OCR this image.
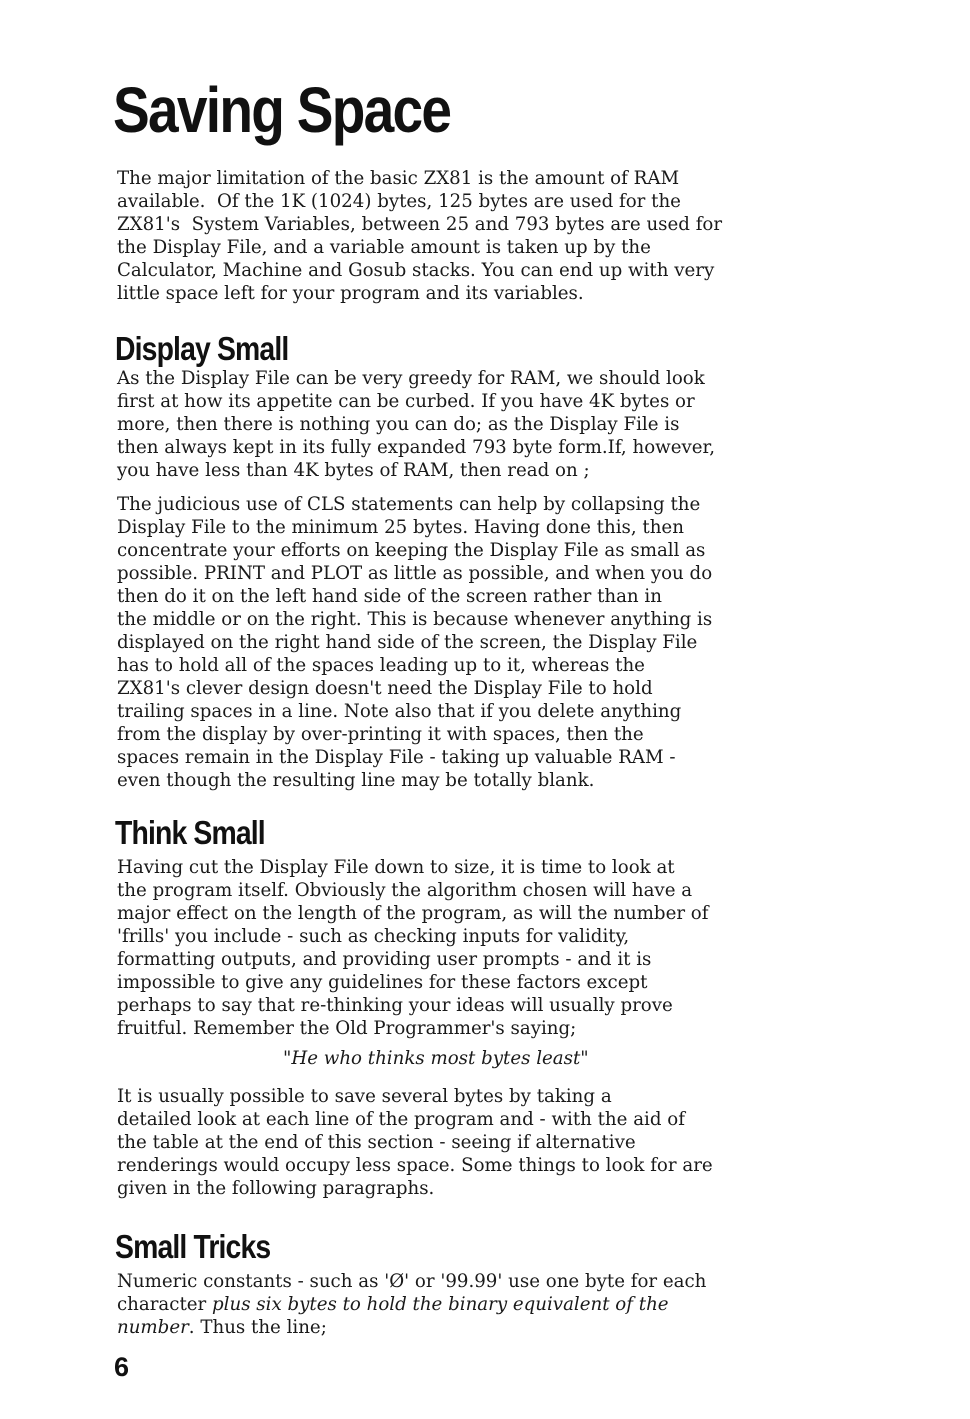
Saving Space

The major limitation of the basic ZX81 is the amount of RAM
available.  Of the 1K (1024) bytes, 125 bytes are used for the
ZX81's  System Variables, between 25 and 793 bytes are used for
the Display File, and a variable amount is taken up by the
Calculator, Machine and Gosub stacks. You can end up with very
little space left for your program and its variables.

Display Small

As the Display File can be very greedy for RAM, we should look
first at how its appetite can be curbed. If you have 4K bytes or
more, then there is nothing you can do; as the Display File is
then always kept in its fully expanded 793 byte form.If, however,
you have less than 4K bytes of RAM, then read on ;

The judicious use of CLS statements can help by collapsing the
Display File to the minimum 25 bytes. Having done this, then
concentrate your efforts on keeping the Display File as small as
possible. PRINT and PLOT as little as possible, and when you do
then do it on the left hand side of the screen rather than in
the middle or on the right. This is because whenever anything is
displayed on the right hand side of the screen, the Display File
has to hold all of the spaces leading up to it, whereas the
ZX81's clever design doesn't need the Display File to hold
trailing spaces in a line. Note also that if you delete anything
from the display by over-printing it with spaces, then the
spaces remain in the Display File - taking up valuable RAM -
even though the resulting line may be totally blank.

Think Small

Having cut the Display File down to size, it is time to look at
the program itself. Obviously the algorithm chosen will have a
major effect on the length of the program, as will the number of
'frills' you include - such as checking inputs for validity,
formatting outputs, and providing user prompts - and it is
impossible to give any guidelines for these factors except
perhaps to say that re-thinking your ideas will usually prove
fruitful. Remember the Old Programmer's saying;

"He who thinks most bytes least"

It is usually possible to save several bytes by taking a
detailed look at each line of the program and - with the aid of
the table at the end of this section - seeing if alternative
renderings would occupy less space. Some things to look for are
given in the following paragraphs.

Small Tricks

Numeric constants - such as 'Ø' or '99.99' use one byte for each
character plus six bytes to hold the binary equivalent of the
number. Thus the line;

6
